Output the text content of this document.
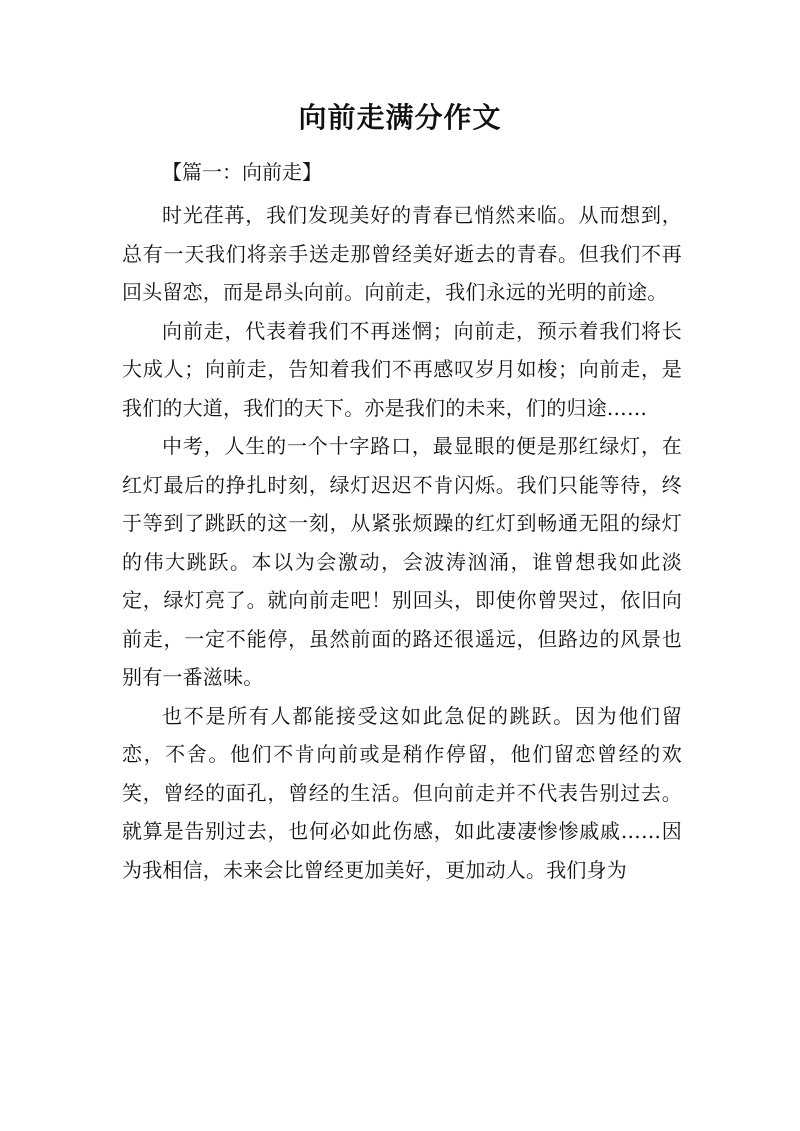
向前走满分作文
【篇一：向前走】

时光荏苒，我们发现美好的青春已悄然来临。从而想到，总有一天我们将亲手送走那曾经美好逝去的青春。但我们不再回头留恋，而是昂头向前。向前走，我们永远的光明的前途。

向前走，代表着我们不再迷惘；向前走，预示着我们将长大成人；向前走，告知着我们不再感叹岁月如梭；向前走，是我们的大道，我们的天下。亦是我们的未来，们的归途……

中考，人生的一个十字路口，最显眼的便是那红绿灯，在红灯最后的挣扎时刻，绿灯迟迟不肯闪烁。我们只能等待，终于等到了跳跃的这一刻，从紧张烦躁的红灯到畅通无阻的绿灯的伟大跳跃。本以为会激动，会波涛汹涌，谁曾想我如此淡定，绿灯亮了。就向前走吧！别回头，即使你曾哭过，依旧向前走，一定不能停，虽然前面的路还很遥远，但路边的风景也别有一番滋味。

也不是所有人都能接受这如此急促的跳跃。因为他们留恋，不舍。他们不肯向前或是稍作停留，他们留恋曾经的欢笑，曾经的面孔，曾经的生活。但向前走并不代表告别过去。就算是告别过去，也何必如此伤感，如此凄凄惨惨戚戚……因为我相信，未来会比曾经更加美好，更加动人。我们身为
